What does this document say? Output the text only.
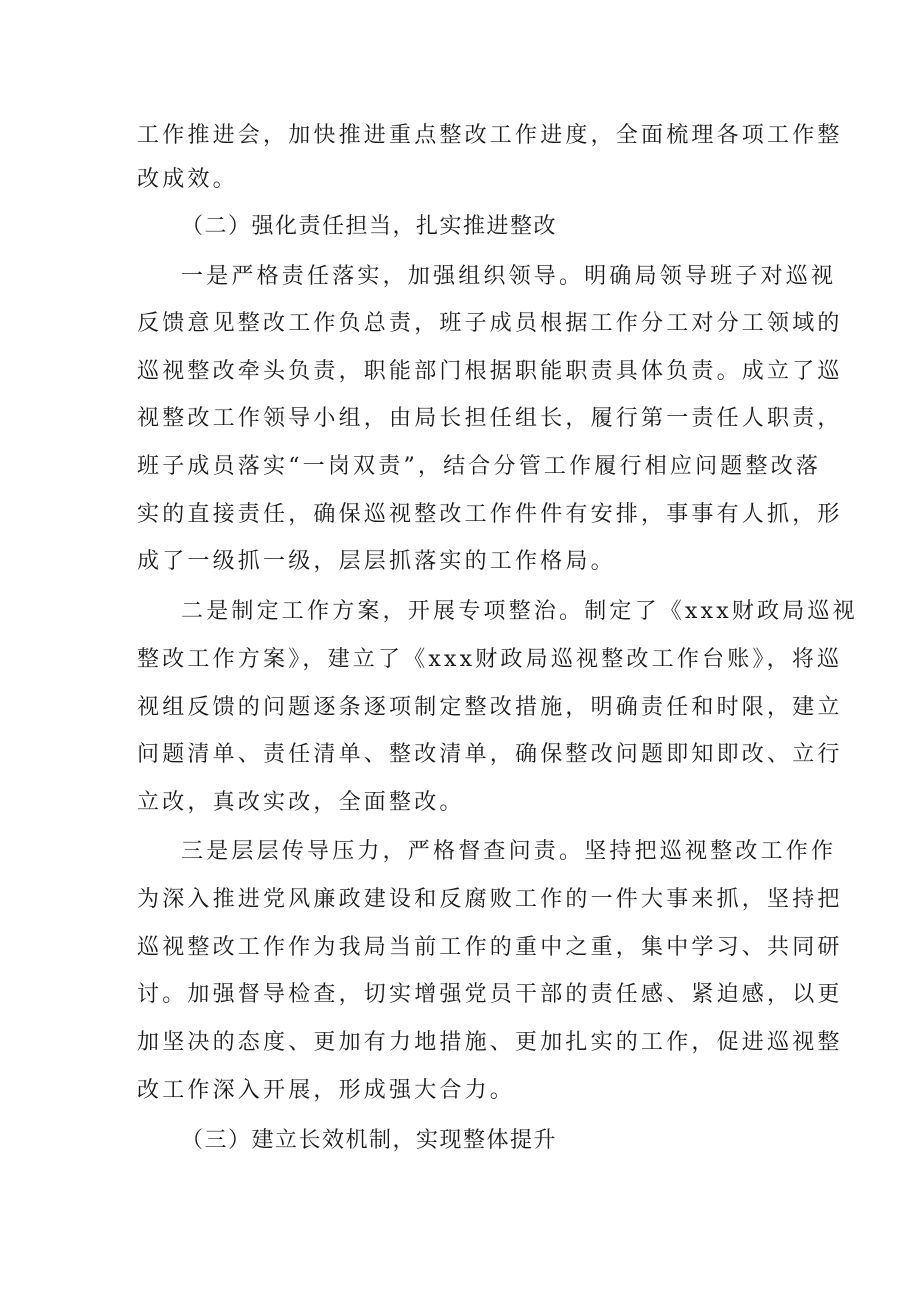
工作推进会，加快推进重点整改工作进度，全面梳理各项工作整
改成效。
（二）强化责任担当，扎实推进整改
一是严格责任落实，加强组织领导。明确局领导班子对巡视
反馈意见整改工作负总责，班子成员根据工作分工对分工领域的
巡视整改牵头负责，职能部门根据职能职责具体负责。成立了巡
视整改工作领导小组，由局长担任组长，履行第一责任人职责，
班子成员落实“一岗双责”，结合分管工作履行相应问题整改落
实的直接责任，确保巡视整改工作件件有安排，事事有人抓，形
成了一级抓一级，层层抓落实的工作格局。
二是制定工作方案，开展专项整治。制定了《xxx财政局巡视
整改工作方案》，建立了《xxx财政局巡视整改工作台账》，将巡
视组反馈的问题逐条逐项制定整改措施，明确责任和时限，建立
问题清单、责任清单、整改清单，确保整改问题即知即改、立行
立改，真改实改，全面整改。
三是层层传导压力，严格督查问责。坚持把巡视整改工作作
为深入推进党风廉政建设和反腐败工作的一件大事来抓，坚持把
巡视整改工作作为我局当前工作的重中之重，集中学习、共同研
讨。加强督导检查，切实增强党员干部的责任感、紧迫感，以更
加坚决的态度、更加有力地措施、更加扎实的工作，促进巡视整
改工作深入开展，形成强大合力。
（三）建立长效机制，实现整体提升
